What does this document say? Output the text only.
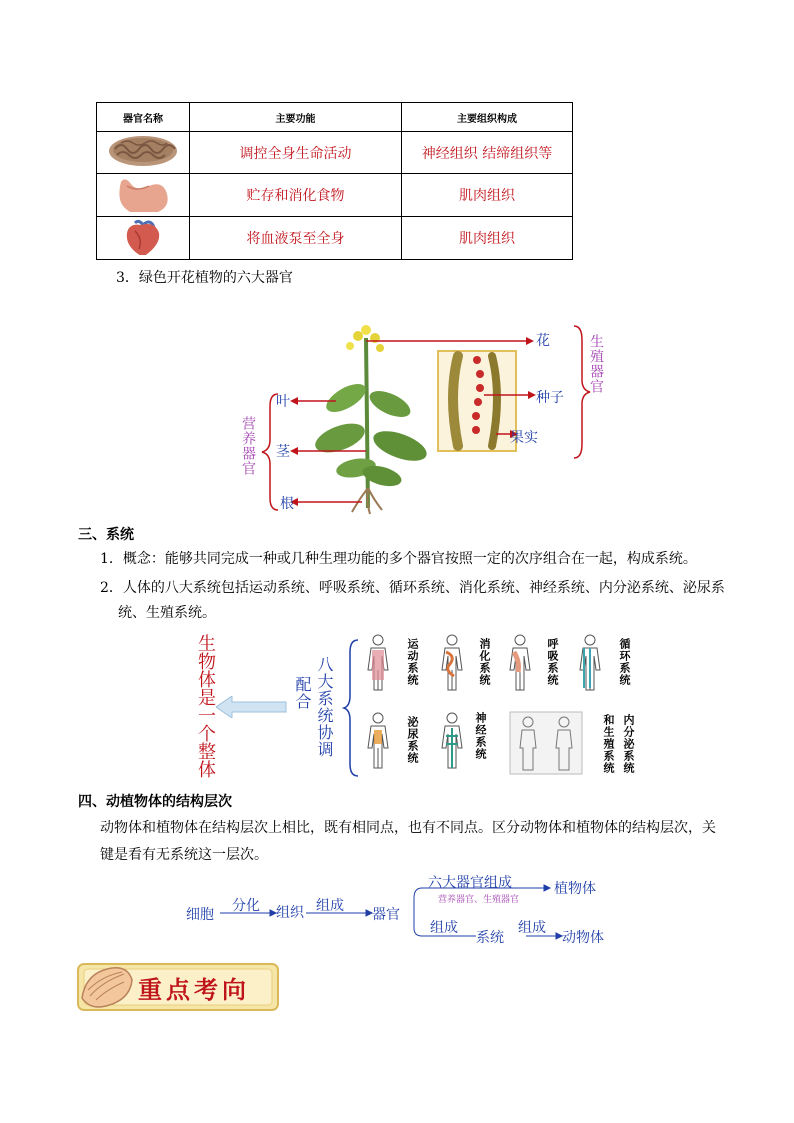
器官名称	主要功能	主要组织构成
	调控全身生命活动	神经组织 结缔组织等
	贮存和消化食物	肌肉组织
	将血液泵至全身	肌肉组织
3．绿色开花植物的六大器官
花
种子
果实
生殖器官
叶
茎
根
营养器官
三、系统
1．概念：能够共同完成一种或几种生理功能的多个器官按照一定的次序组合在一起，构成系统。
2．人体的八大系统包括运动系统、呼吸系统、循环系统、消化系统、神经系统、内分泌系统、泌尿系
统、生殖系统。
生物体是一个整体	配合 八大系统协调	运动系统	消化系统	呼吸系统	循环系统
泌尿系统	神经系统	和生殖系统 内分泌系统
四、动植物体的结构层次
动物体和植物体在结构层次上相比，既有相同点，也有不同点。区分动物体和植物体的结构层次，关
键是看有无系统这一层次。
细胞
分化 组织 组成
器官
六大器官组成
营养器官、生殖器官
植物体
组成
系统
组成
动物体
重点考向
